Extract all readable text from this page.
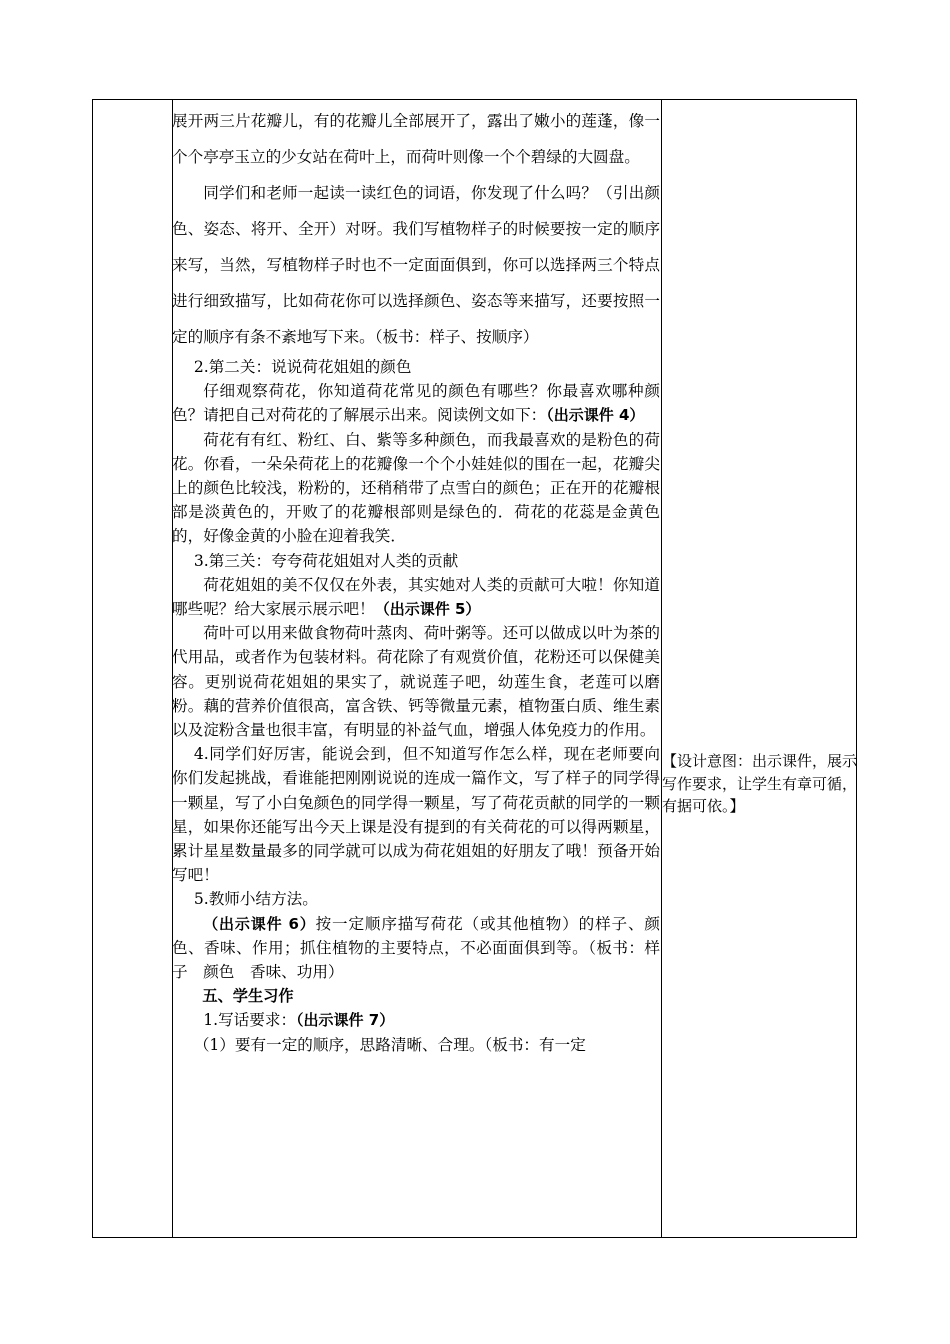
展开两三片花瓣儿，有的花瓣儿全部展开了，露出了嫩小的莲蓬，像一个个亭亭玉立的少女站在荷叶上，而荷叶则像一个个碧绿的大圆盘。

同学们和老师一起读一读红色的词语，你发现了什么吗？（引出颜色、姿态、将开、全开）对呀。我们写植物样子的时候要按一定的顺序来写，当然，写植物样子时也不一定面面俱到，你可以选择两三个特点进行细致描写，比如荷花你可以选择颜色、姿态等来描写，还要按照一定的顺序有条不紊地写下来。（板书：样子、按顺序）

2.第二关：说说荷花姐姐的颜色

仔细观察荷花，你知道荷花常见的颜色有哪些？你最喜欢哪种颜色？请把自己对荷花的了解展示出来。阅读例文如下：（出示课件 4）

荷花有有红、粉红、白、紫等多种颜色，而我最喜欢的是粉色的荷花。你看，一朵朵荷花上的花瓣像一个个小娃娃似的围在一起，花瓣尖上的颜色比较浅，粉粉的，还稍稍带了点雪白的颜色；正在开的花瓣根部是淡黄色的，开败了的花瓣根部则是绿色的．荷花的花蕊是金黄色的，好像金黄的小脸在迎着我笑．

3.第三关：夸夸荷花姐姐对人类的贡献

荷花姐姐的美不仅仅在外表，其实她对人类的贡献可大啦！你知道哪些呢？给大家展示展示吧！（出示课件 5）

荷叶可以用来做食物荷叶蒸肉、荷叶粥等。还可以做成以叶为茶的代用品，或者作为包装材料。荷花除了有观赏价值，花粉还可以保健美容。更别说荷花姐姐的果实了，就说莲子吧，幼莲生食，老莲可以磨粉。藕的营养价值很高，富含铁、钙等微量元素，植物蛋白质、维生素以及淀粉含量也很丰富，有明显的补益气血，增强人体免疫力的作用。

4.同学们好厉害，能说会到，但不知道写作怎么样，现在老师要向你们发起挑战，看谁能把刚刚说说的连成一篇作文，写了样子的同学得一颗星，写了小白兔颜色的同学得一颗星，写了荷花贡献的同学的一颗星，如果你还能写出今天上课是没有提到的有关荷花的可以得两颗星，累计星星数量最多的同学就可以成为荷花姐姐的好朋友了哦！预备开始写吧！

5.教师小结方法。

（出示课件 6）按一定顺序描写荷花（或其他植物）的样子、颜色、香味、作用；抓住植物的主要特点，不必面面俱到等。（板书：样子　颜色　香味、功用）

五、学生习作

1.写话要求：（出示课件 7）

（1）要有一定的顺序，思路清晰、合理。（板书：有一定

【设计意图：出示课件，展示写作要求，让学生有章可循，有据可依。】
